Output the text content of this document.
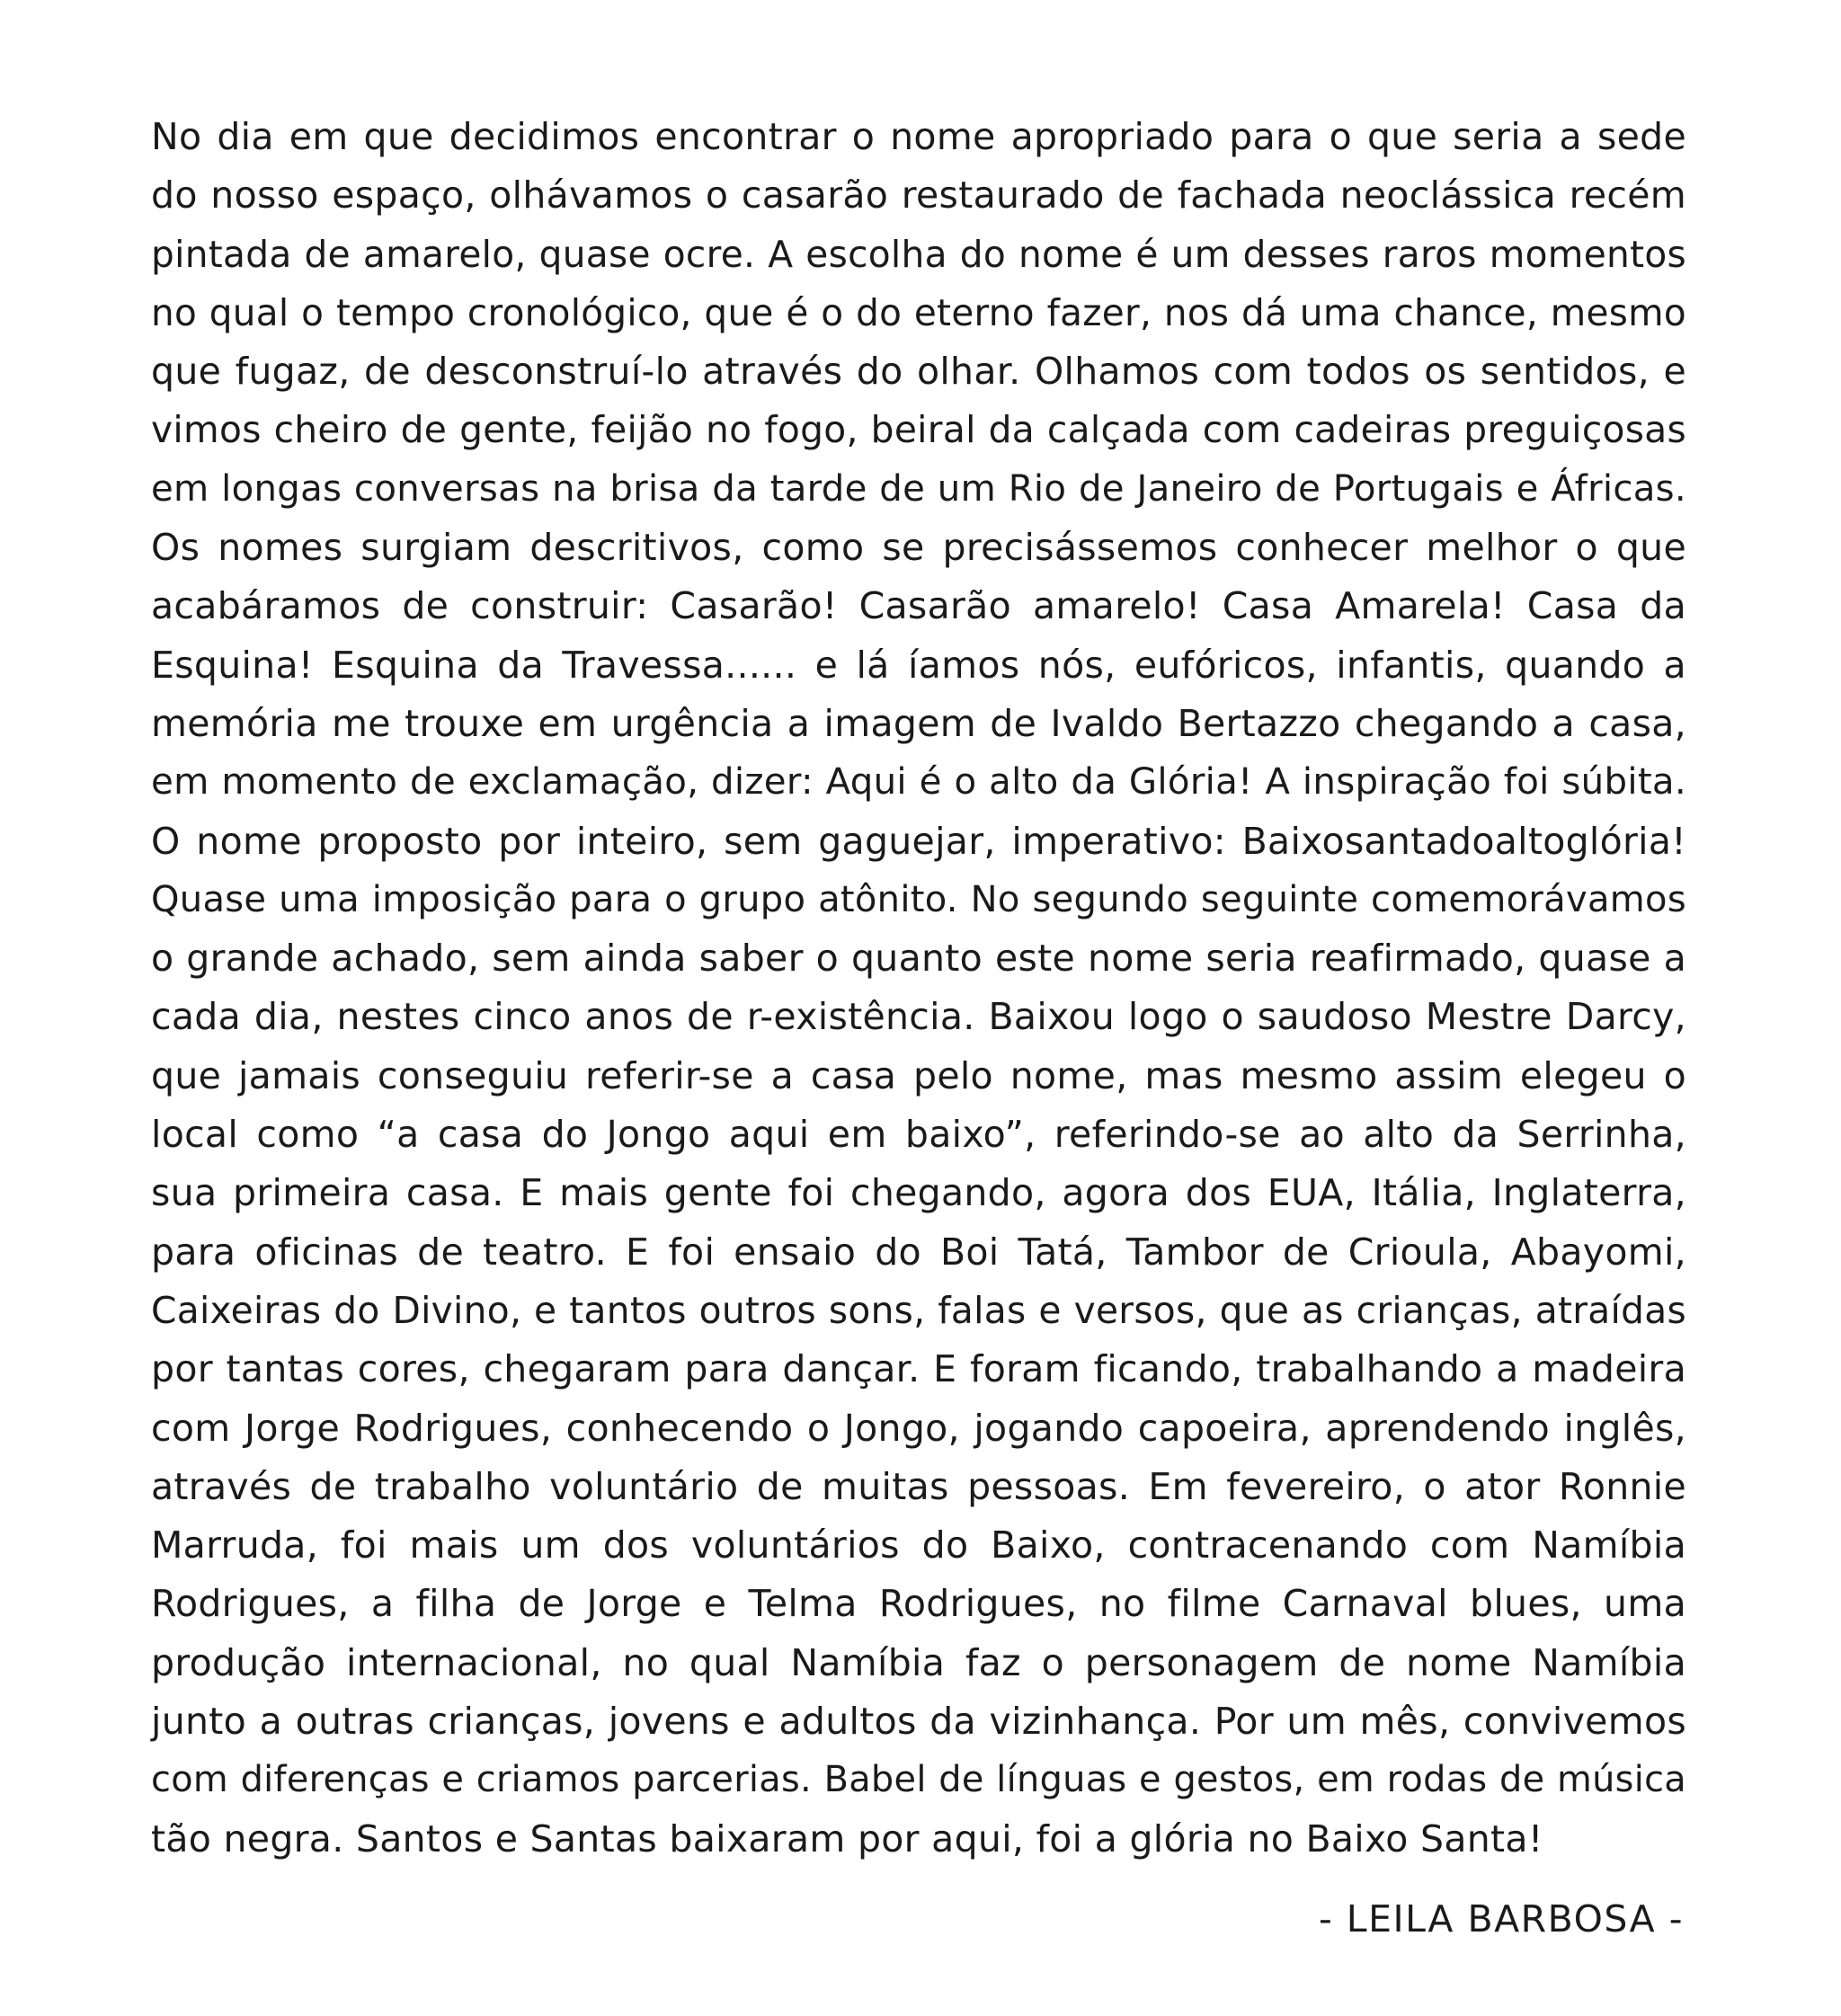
No dia em que decidimos encontrar o nome apropriado para o que seria a sede
do nosso espaço, olhávamos o casarão restaurado de fachada neoclássica recém
pintada de amarelo, quase ocre. A escolha do nome é um desses raros momentos
no qual o tempo cronológico, que é o do eterno fazer, nos dá uma chance, mesmo
que fugaz, de desconstruí-lo através do olhar. Olhamos com todos os sentidos, e
vimos cheiro de gente, feijão no fogo, beiral da calçada com cadeiras preguiçosas
em longas conversas na brisa da tarde de um Rio de Janeiro de Portugais e Áfricas.
Os nomes surgiam descritivos, como se precisássemos conhecer melhor o que
acabáramos de construir: Casarão! Casarão amarelo! Casa Amarela! Casa da
Esquina! Esquina da Travessa...... e lá íamos nós, eufóricos, infantis, quando a
memória me trouxe em urgência a imagem de Ivaldo Bertazzo chegando a casa,
em momento de exclamação, dizer: Aqui é o alto da Glória! A inspiração foi súbita.
O nome proposto por inteiro, sem gaguejar, imperativo: Baixosantadoaltoglória!
Quase uma imposição para o grupo atônito. No segundo seguinte comemorávamos
o grande achado, sem ainda saber o quanto este nome seria reafirmado, quase a
cada dia, nestes cinco anos de r-existência. Baixou logo o saudoso Mestre Darcy,
que jamais conseguiu referir-se a casa pelo nome, mas mesmo assim elegeu o
local como “a casa do Jongo aqui em baixo”, referindo-se ao alto da Serrinha,
sua primeira casa. E mais gente foi chegando, agora dos EUA, Itália, Inglaterra,
para oficinas de teatro. E foi ensaio do Boi Tatá, Tambor de Crioula, Abayomi,
Caixeiras do Divino, e tantos outros sons, falas e versos, que as crianças, atraídas
por tantas cores, chegaram para dançar. E foram ficando, trabalhando a madeira
com Jorge Rodrigues, conhecendo o Jongo, jogando capoeira, aprendendo inglês,
através de trabalho voluntário de muitas pessoas. Em fevereiro, o ator Ronnie
Marruda, foi mais um dos voluntários do Baixo, contracenando com Namíbia
Rodrigues, a filha de Jorge e Telma Rodrigues, no filme Carnaval blues, uma
produção internacional, no qual Namíbia faz o personagem de nome Namíbia
junto a outras crianças, jovens e adultos da vizinhança. Por um mês, convivemos
com diferenças e criamos parcerias. Babel de línguas e gestos, em rodas de música
tão negra. Santos e Santas baixaram por aqui, foi a glória no Baixo Santa!
- LEILA BARBOSA -
